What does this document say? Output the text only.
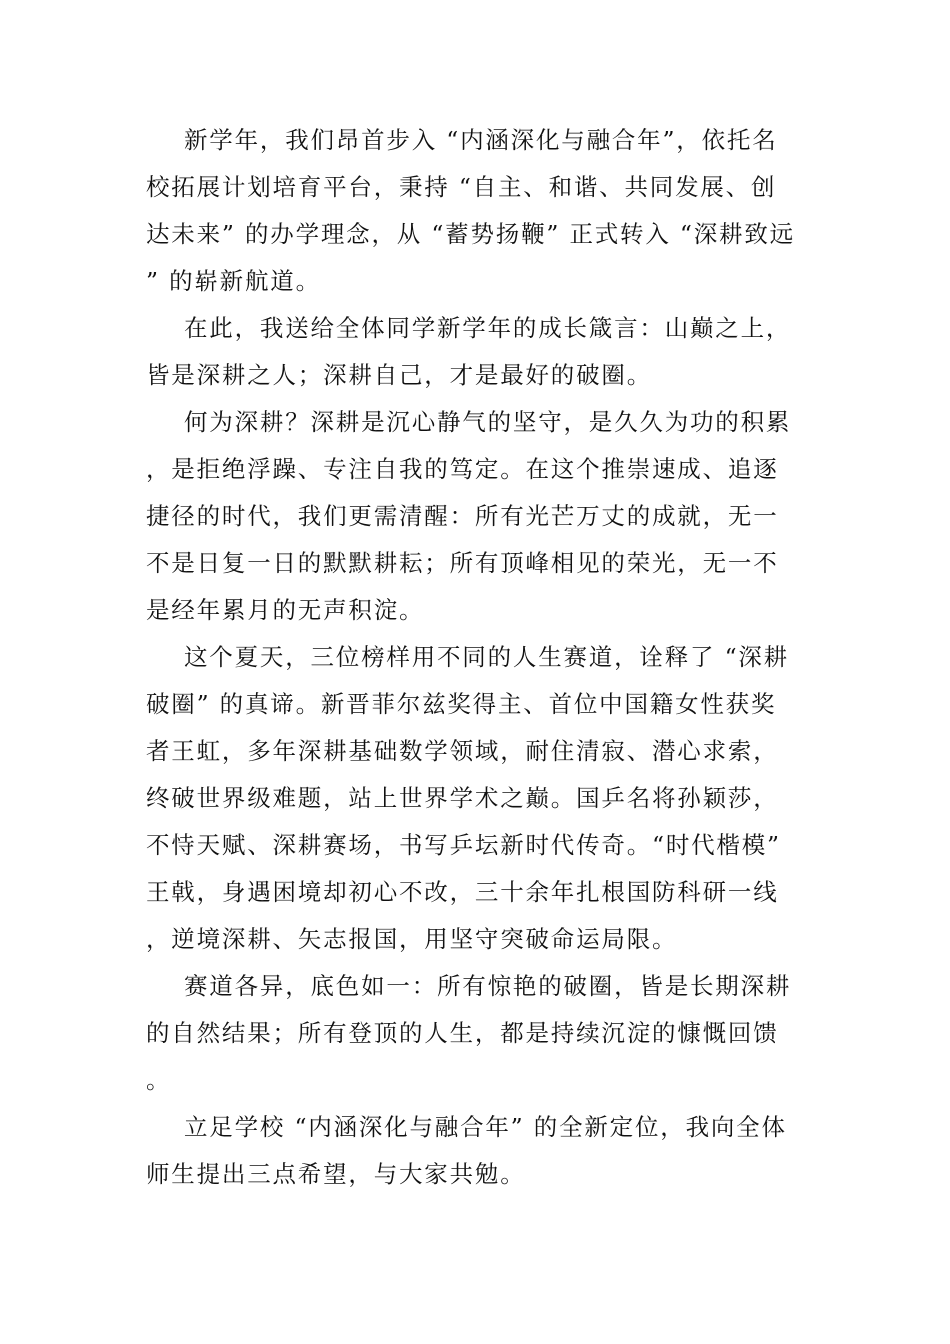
新学年，我们昂首步入 “内涵深化与融合年”，依托名校拓展计划培育平台，秉持 “自主、和谐、共同发展、创达未来” 的办学理念，从 “蓄势扬鞭” 正式转入 “深耕致远” 的崭新航道。

在此，我送给全体同学新学年的成长箴言：山巅之上，皆是深耕之人；深耕自己，才是最好的破圈。

何为深耕？深耕是沉心静气的坚守，是久久为功的积累，是拒绝浮躁、专注自我的笃定。在这个推崇速成、追逐捷径的时代，我们更需清醒：所有光芒万丈的成就，无一不是日复一日的默默耕耘；所有顶峰相见的荣光，无一不是经年累月的无声积淀。

这个夏天，三位榜样用不同的人生赛道，诠释了 “深耕破圈” 的真谛。新晋菲尔兹奖得主、首位中国籍女性获奖者王虹，多年深耕基础数学领域，耐住清寂、潜心求索，终破世界级难题，站上世界学术之巅。国乒名将孙颖莎，不恃天赋、深耕赛场，书写乒坛新时代传奇。“时代楷模” 王戟，身遇困境却初心不改，三十余年扎根国防科研一线，逆境深耕、矢志报国，用坚守突破命运局限。

赛道各异，底色如一：所有惊艳的破圈，皆是长期深耕的自然结果；所有登顶的人生，都是持续沉淀的慷慨回馈。

立足学校 “内涵深化与融合年” 的全新定位，我向全体师生提出三点希望，与大家共勉。
